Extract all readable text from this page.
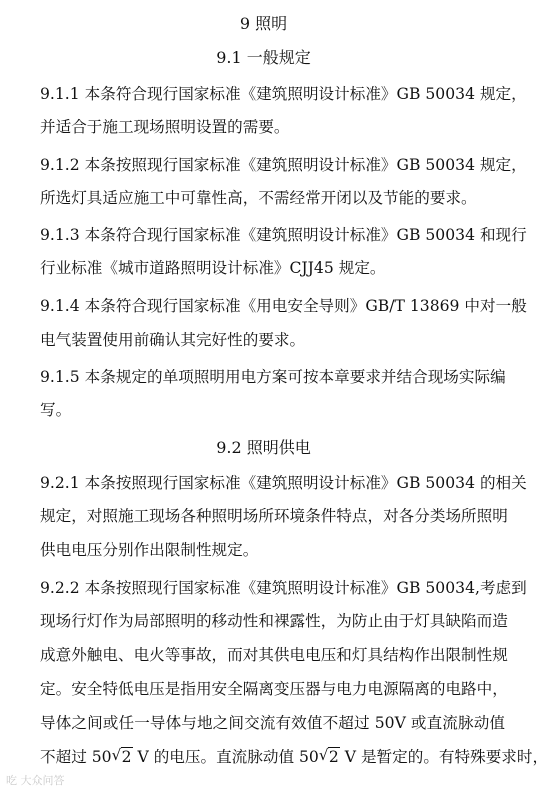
9 照明
9.1 一般规定
9.1.1 本条符合现行国家标准《建筑照明设计标准》GB 50034 规定，
并适合于施工现场照明设置的需要。
9.1.2 本条按照现行国家标准《建筑照明设计标准》GB 50034 规定，
所选灯具适应施工中可靠性高，不需经常开闭以及节能的要求。
9.1.3 本条符合现行国家标准《建筑照明设计标准》GB 50034 和现行
行业标准《城市道路照明设计标准》CJJ45 规定。
9.1.4 本条符合现行国家标准《用电安全导则》GB/T 13869 中对一般
电气装置使用前确认其完好性的要求。
9.1.5 本条规定的单项照明用电方案可按本章要求并结合现场实际编
写。
9.2 照明供电
9.2.1 本条按照现行国家标准《建筑照明设计标准》GB 50034 的相关
规定，对照施工现场各种照明场所环境条件特点，对各分类场所照明
供电电压分别作出限制性规定。
9.2.2 本条按照现行国家标准《建筑照明设计标准》GB 50034,考虑到
现场行灯作为局部照明的移动性和裸露性，为防止由于灯具缺陷而造
成意外触电、电火等事故，而对其供电电压和灯具结构作出限制性规
定。安全特低电压是指用安全隔离变压器与电力电源隔离的电路中，
导体之间或任一导体与地之间交流有效值不超过 50V 或直流脉动值
不超过 50 √ 2 V 的电压。直流脉动值 50 √ 2 V 是暂定的。有特殊要求时，
吃 大众问答
